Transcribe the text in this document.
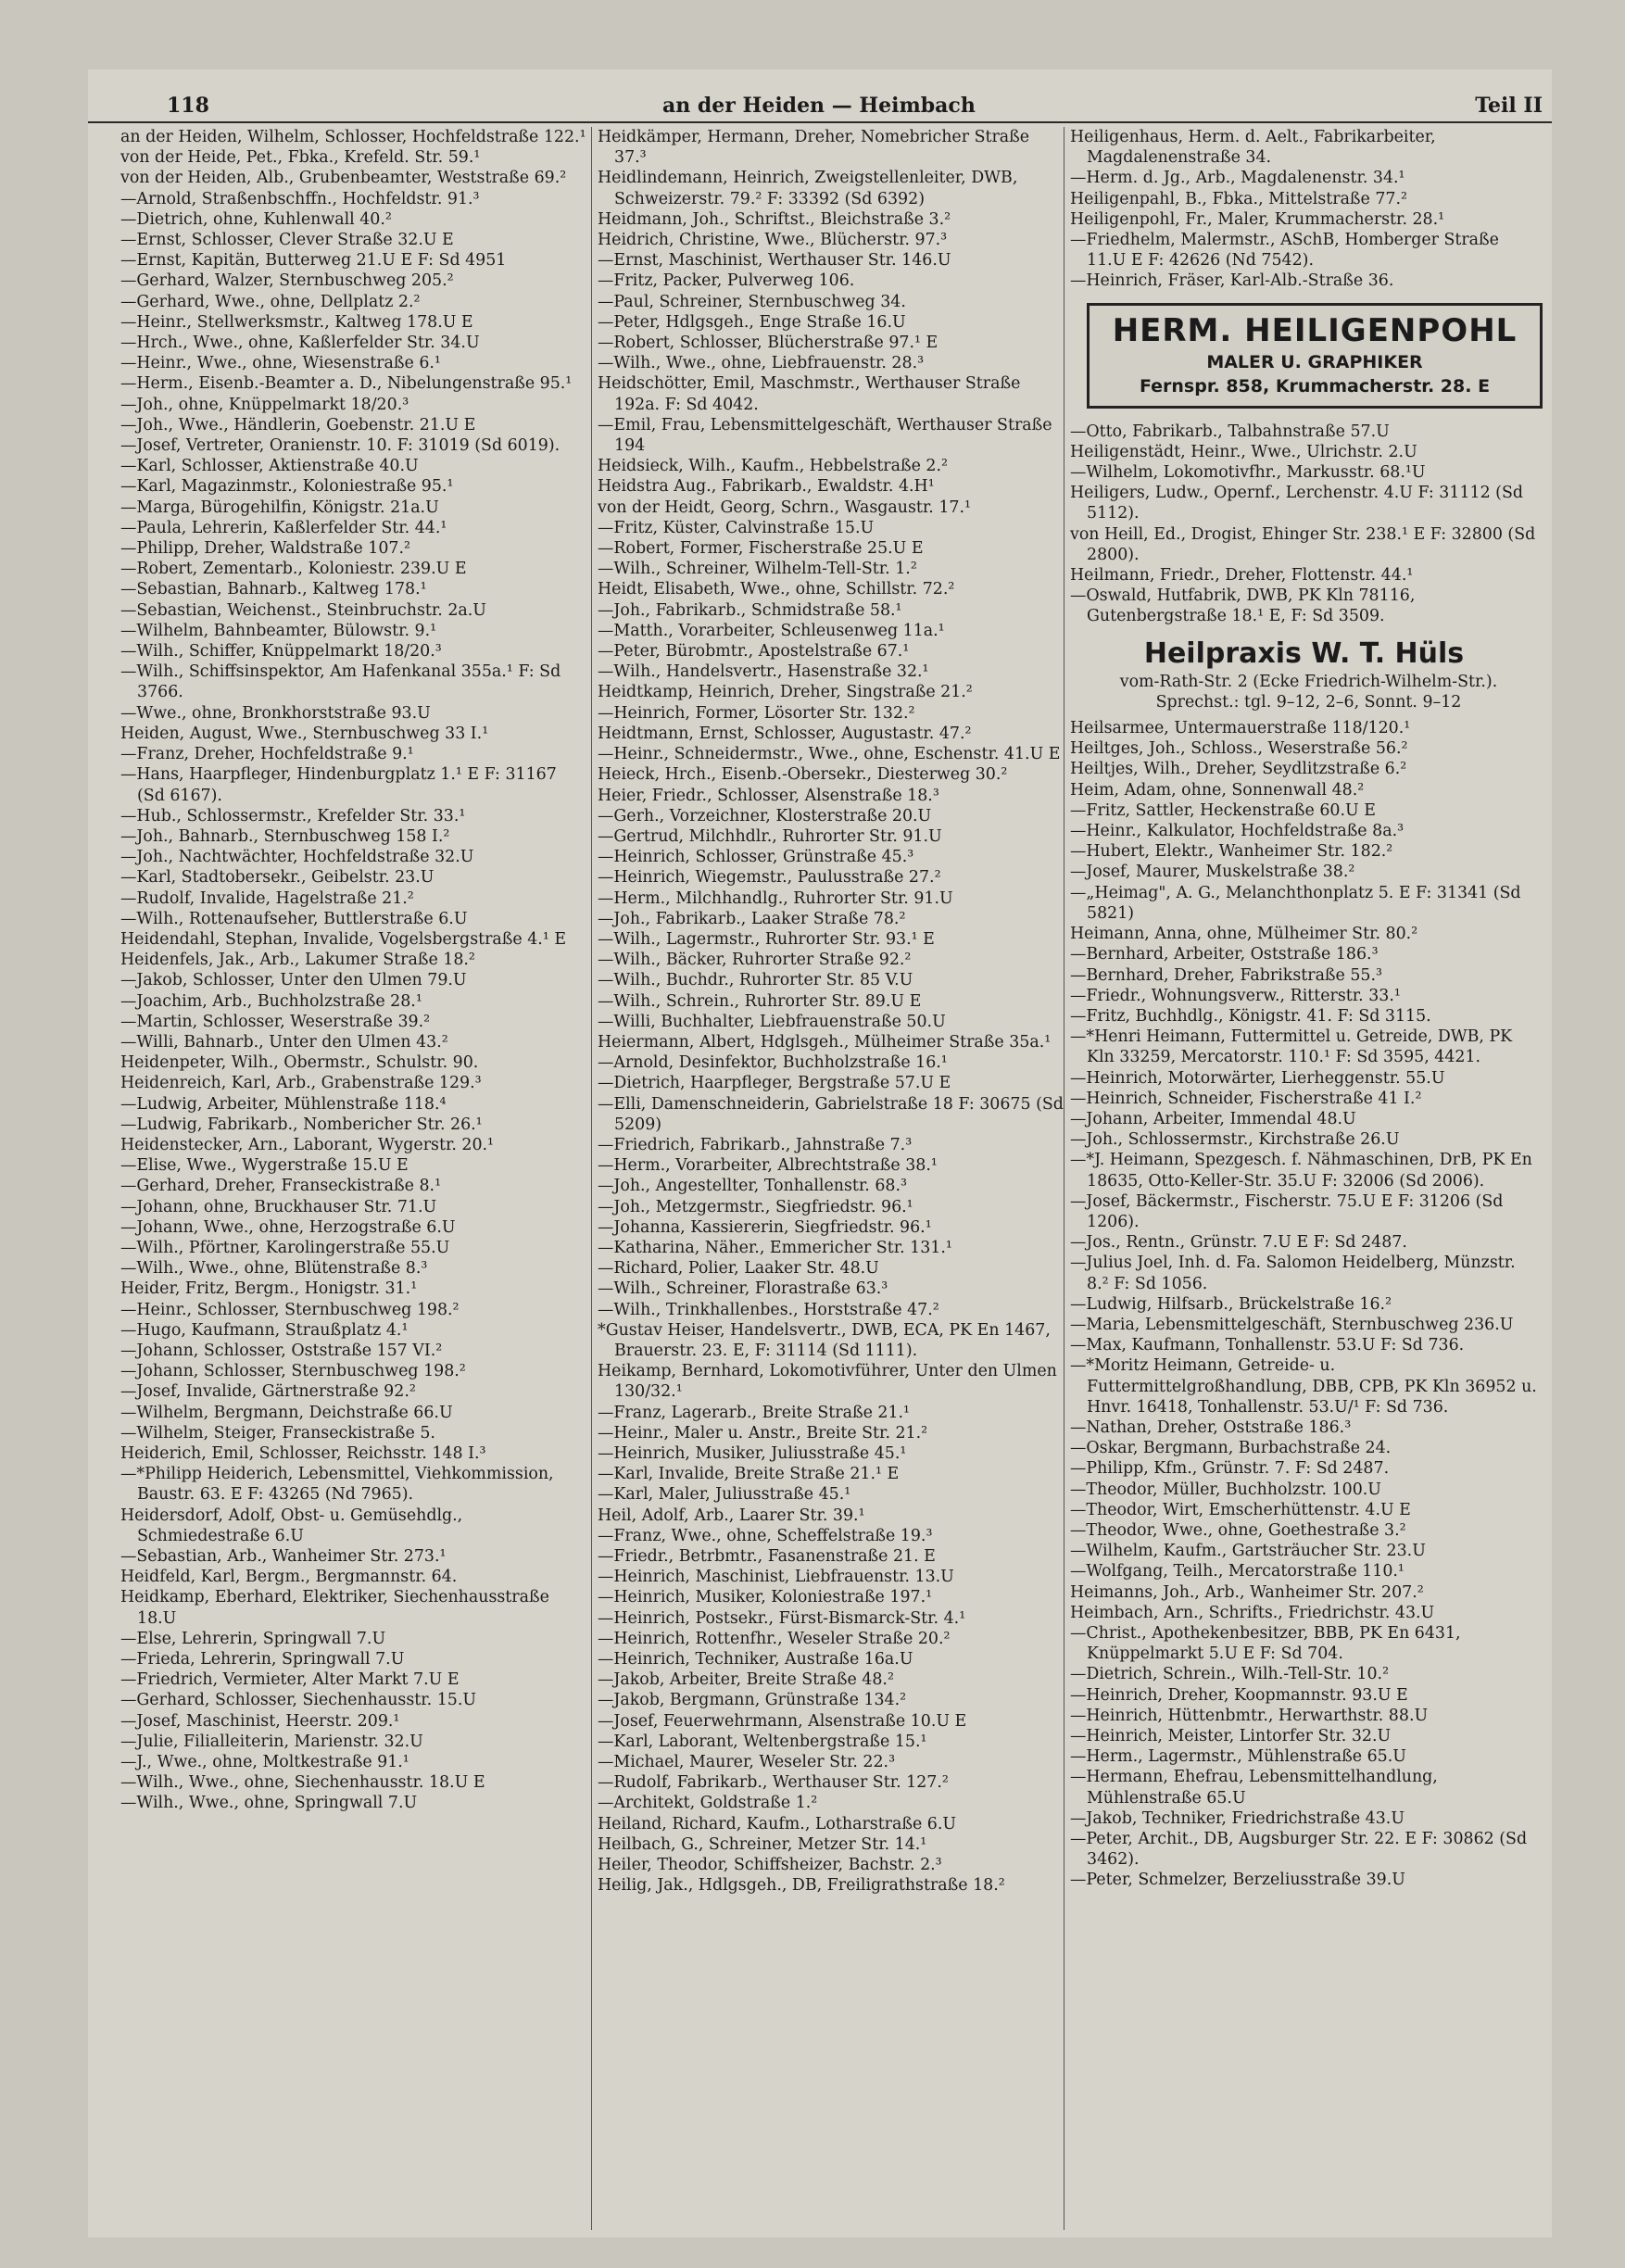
118	an der Heiden — Heimbach	Teil II
an der Heiden, Wilhelm, Schlosser, Hochfeldstraße 122.¹
von der Heide, Pet., Fbka., Krefeld. Str. 59.¹
von der Heiden, Alb., Grubenbeamter, Weststraße 69.²
—Arnold, Straßenbschffn., Hochfeldstr. 91.³
—Dietrich, ohne, Kuhlenwall 40.²
—Ernst, Schlosser, Clever Straße 32.U E
—Ernst, Kapitän, Butterweg 21.U E F: Sd 4951
—Gerhard, Walzer, Sternbuschweg 205.²
—Gerhard, Wwe., ohne, Dellplatz 2.²
—Heinr., Stellwerksmstr., Kaltweg 178.U E
—Hrch., Wwe., ohne, Kaßlerfelder Str. 34.U
—Heinr., Wwe., ohne, Wiesenstraße 6.¹
—Herm., Eisenb.-Beamter a. D., Nibelungenstraße 95.¹
—Joh., ohne, Knüppelmarkt 18/20.³
—Joh., Wwe., Händlerin, Goebenstr. 21.U E
—Josef, Vertreter, Oranienstr. 10. F: 31019 (Sd 6019).
—Karl, Schlosser, Aktienstraße 40.U
—Karl, Magazinmstr., Koloniestraße 95.¹
—Marga, Bürogehilfin, Königstr. 21a.U
—Paula, Lehrerin, Kaßlerfelder Str. 44.¹
—Philipp, Dreher, Waldstraße 107.²
—Robert, Zementarb., Koloniestr. 239.U E
—Sebastian, Bahnarb., Kaltweg 178.¹
—Sebastian, Weichenst., Steinbruchstr. 2a.U
—Wilhelm, Bahnbeamter, Bülowstr. 9.¹
—Wilh., Schiffer, Knüppelmarkt 18/20.³
—Wilh., Schiffsinspektor, Am Hafenkanal 355a.¹ F: Sd 3766.
—Wwe., ohne, Bronkhorststraße 93.U
Heiden, August, Wwe., Sternbuschweg 33 I.¹
—Franz, Dreher, Hochfeldstraße 9.¹
—Hans, Haarpfleger, Hindenburgplatz 1.¹ E F: 31167 (Sd 6167).
—Hub., Schlossermstr., Krefelder Str. 33.¹
—Joh., Bahnarb., Sternbuschweg 158 I.²
—Joh., Nachtwächter, Hochfeldstraße 32.U
—Karl, Stadtobersekr., Geibelstr. 23.U
—Rudolf, Invalide, Hagelstraße 21.²
—Wilh., Rottenaufseher, Buttlerstraße 6.U
Heidendahl, Stephan, Invalide, Vogelsbergstraße 4.¹ E
Heidenfels, Jak., Arb., Lakumer Straße 18.²
—Jakob, Schlosser, Unter den Ulmen 79.U
—Joachim, Arb., Buchholzstraße 28.¹
—Martin, Schlosser, Weserstraße 39.²
—Willi, Bahnarb., Unter den Ulmen 43.²
Heidenpeter, Wilh., Obermstr., Schulstr. 90.
Heidenreich, Karl, Arb., Grabenstraße 129.³
—Ludwig, Arbeiter, Mühlenstraße 118.⁴
—Ludwig, Fabrikarb., Nombericher Str. 26.¹
Heidenstecker, Arn., Laborant, Wygerstr. 20.¹
—Elise, Wwe., Wygerstraße 15.U E
—Gerhard, Dreher, Franseckistraße 8.¹
—Johann, ohne, Bruckhauser Str. 71.U
—Johann, Wwe., ohne, Herzogstraße 6.U
—Wilh., Pförtner, Karolingerstraße 55.U
—Wilh., Wwe., ohne, Blütenstraße 8.³
Heider, Fritz, Bergm., Honigstr. 31.¹
—Heinr., Schlosser, Sternbuschweg 198.²
—Hugo, Kaufmann, Straußplatz 4.¹
—Johann, Schlosser, Oststraße 157 VI.²
—Johann, Schlosser, Sternbuschweg 198.²
—Josef, Invalide, Gärtnerstraße 92.²
—Wilhelm, Bergmann, Deichstraße 66.U
—Wilhelm, Steiger, Franseckistraße 5.
Heiderich, Emil, Schlosser, Reichsstr. 148 I.³
—*Philipp Heiderich, Lebensmittel, Viehkommission, Baustr. 63. E F: 43265 (Nd 7965).
Heidersdorf, Adolf, Obst- u. Gemüsehdlg., Schmiedestraße 6.U
—Sebastian, Arb., Wanheimer Str. 273.¹
Heidfeld, Karl, Bergm., Bergmannstr. 64.
Heidkamp, Eberhard, Elektriker, Siechenhausstraße 18.U
—Else, Lehrerin, Springwall 7.U
—Frieda, Lehrerin, Springwall 7.U
—Friedrich, Vermieter, Alter Markt 7.U E
—Gerhard, Schlosser, Siechenhausstr. 15.U
—Josef, Maschinist, Heerstr. 209.¹
—Julie, Filialleiterin, Marienstr. 32.U
—J., Wwe., ohne, Moltkestraße 91.¹
—Wilh., Wwe., ohne, Siechenhausstr. 18.U E
—Wilh., Wwe., ohne, Springwall 7.U
Heidkämper, Hermann, Dreher, Nomebricher Straße 37.³
Heidlindemann, Heinrich, Zweigstellenleiter, DWB, Schweizerstr. 79.² F: 33392 (Sd 6392)
Heidmann, Joh., Schriftst., Bleichstraße 3.²
Heidrich, Christine, Wwe., Blücherstr. 97.³
—Ernst, Maschinist, Werthauser Str. 146.U
—Fritz, Packer, Pulverweg 106.
—Paul, Schreiner, Sternbuschweg 34.
—Peter, Hdlgsgeh., Enge Straße 16.U
—Robert, Schlosser, Blücherstraße 97.¹ E
—Wilh., Wwe., ohne, Liebfrauenstr. 28.³
Heidschötter, Emil, Maschmstr., Werthauser Straße 192a. F: Sd 4042.
—Emil, Frau, Lebensmittelgeschäft, Werthauser Straße 194
Heidsieck, Wilh., Kaufm., Hebbelstraße 2.²
Heidstra Aug., Fabrikarb., Ewaldstr. 4.H¹
von der Heidt, Georg, Schrn., Wasgaustr. 17.¹
—Fritz, Küster, Calvinstraße 15.U
—Robert, Former, Fischerstraße 25.U E
—Wilh., Schreiner, Wilhelm-Tell-Str. 1.²
Heidt, Elisabeth, Wwe., ohne, Schillstr. 72.²
—Joh., Fabrikarb., Schmidstraße 58.¹
—Matth., Vorarbeiter, Schleusenweg 11a.¹
—Peter, Bürobmtr., Apostelstraße 67.¹
—Wilh., Handelsvertr., Hasenstraße 32.¹
Heidtkamp, Heinrich, Dreher, Singstraße 21.²
—Heinrich, Former, Lösorter Str. 132.²
Heidtmann, Ernst, Schlosser, Augustastr. 47.²
—Heinr., Schneidermstr., Wwe., ohne, Eschenstr. 41.U E
Heieck, Hrch., Eisenb.-Obersekr., Diesterweg 30.²
Heier, Friedr., Schlosser, Alsenstraße 18.³
—Gerh., Vorzeichner, Klosterstraße 20.U
—Gertrud, Milchhdlr., Ruhrorter Str. 91.U
—Heinrich, Schlosser, Grünstraße 45.³
—Heinrich, Wiegemstr., Paulusstraße 27.²
—Herm., Milchhandlg., Ruhrorter Str. 91.U
—Joh., Fabrikarb., Laaker Straße 78.²
—Wilh., Lagermstr., Ruhrorter Str. 93.¹ E
—Wilh., Bäcker, Ruhrorter Straße 92.²
—Wilh., Buchdr., Ruhrorter Str. 85 V.U
—Wilh., Schrein., Ruhrorter Str. 89.U E
—Willi, Buchhalter, Liebfrauenstraße 50.U
Heiermann, Albert, Hdglsgeh., Mülheimer Straße 35a.¹
—Arnold, Desinfektor, Buchholzstraße 16.¹
—Dietrich, Haarpfleger, Bergstraße 57.U E
—Elli, Damenschneiderin, Gabrielstraße 18 F: 30675 (Sd 5209)
—Friedrich, Fabrikarb., Jahnstraße 7.³
—Herm., Vorarbeiter, Albrechtstraße 38.¹
—Joh., Angestellter, Tonhallenstr. 68.³
—Joh., Metzgermstr., Siegfriedstr. 96.¹
—Johanna, Kassiererin, Siegfriedstr. 96.¹
—Katharina, Näher., Emmericher Str. 131.¹
—Richard, Polier, Laaker Str. 48.U
—Wilh., Schreiner, Florastraße 63.³
—Wilh., Trinkhallenbes., Horststraße 47.²
*Gustav Heiser, Handelsvertr., DWB, ECA, PK En 1467, Brauerstr. 23. E, F: 31114 (Sd 1111).
Heikamp, Bernhard, Lokomotivführer, Unter den Ulmen 130/32.¹
—Franz, Lagerarb., Breite Straße 21.¹
—Heinr., Maler u. Anstr., Breite Str. 21.²
—Heinrich, Musiker, Juliusstraße 45.¹
—Karl, Invalide, Breite Straße 21.¹ E
—Karl, Maler, Juliusstraße 45.¹
Heil, Adolf, Arb., Laarer Str. 39.¹
—Franz, Wwe., ohne, Scheffelstraße 19.³
—Friedr., Betrbmtr., Fasanenstraße 21. E
—Heinrich, Maschinist, Liebfrauenstr. 13.U
—Heinrich, Musiker, Koloniestraße 197.¹
—Heinrich, Postsekr., Fürst-Bismarck-Str. 4.¹
—Heinrich, Rottenfhr., Weseler Straße 20.²
—Heinrich, Techniker, Austraße 16a.U
—Jakob, Arbeiter, Breite Straße 48.²
—Jakob, Bergmann, Grünstraße 134.²
—Josef, Feuerwehrmann, Alsenstraße 10.U E
—Karl, Laborant, Weltenbergstraße 15.¹
—Michael, Maurer, Weseler Str. 22.³
—Rudolf, Fabrikarb., Werthauser Str. 127.²
—Architekt, Goldstraße 1.²
Heiland, Richard, Kaufm., Lotharstraße 6.U
Heilbach, G., Schreiner, Metzer Str. 14.¹
Heiler, Theodor, Schiffsheizer, Bachstr. 2.³
Heilig, Jak., Hdlgsgeh., DB, Freiligrathstraße 18.²
Heiligenhaus, Herm. d. Aelt., Fabrikarbeiter, Magdalenenstraße 34.
—Herm. d. Jg., Arb., Magdalenenstr. 34.¹
Heiligenpahl, B., Fbka., Mittelstraße 77.²
Heiligenpohl, Fr., Maler, Krummacherstr. 28.¹
—Friedhelm, Malermstr., ASchB, Homberger Straße 11.U E F: 42626 (Nd 7542).
—Heinrich, Fräser, Karl-Alb.-Straße 36.
HERM. HEILIGENPOHL
MALER U. GRAPHIKER
Fernspr. 858, Krummacherstr. 28. E
—Otto, Fabrikarb., Talbahnstraße 57.U
Heiligenstädt, Heinr., Wwe., Ulrichstr. 2.U
—Wilhelm, Lokomotivfhr., Markusstr. 68.¹U
Heiligers, Ludw., Opernf., Lerchenstr. 4.U F: 31112 (Sd 5112).
von Heill, Ed., Drogist, Ehinger Str. 238.¹ E F: 32800 (Sd 2800).
Heilmann, Friedr., Dreher, Flottenstr. 44.¹
—Oswald, Hutfabrik, DWB, PK Kln 78116, Gutenbergstraße 18.¹ E, F: Sd 3509.
Heilpraxis W. T. Hüls
vom-Rath-Str. 2 (Ecke Friedrich-Wilhelm-Str.). Sprechst.: tgl. 9–12, 2–6, Sonnt. 9–12
Heilsarmee, Untermauerstraße 118/120.¹
Heiltges, Joh., Schloss., Weserstraße 56.²
Heiltjes, Wilh., Dreher, Seydlitzstraße 6.²
Heim, Adam, ohne, Sonnenwall 48.²
—Fritz, Sattler, Heckenstraße 60.U E
—Heinr., Kalkulator, Hochfeldstraße 8a.³
—Hubert, Elektr., Wanheimer Str. 182.²
—Josef, Maurer, Muskelstraße 38.²
—„Heimag", A. G., Melanchthonplatz 5. E F: 31341 (Sd 5821)
Heimann, Anna, ohne, Mülheimer Str. 80.²
—Bernhard, Arbeiter, Oststraße 186.³
—Bernhard, Dreher, Fabrikstraße 55.³
—Friedr., Wohnungsverw., Ritterstr. 33.¹
—Fritz, Buchhdlg., Königstr. 41. F: Sd 3115.
—*Henri Heimann, Futtermittel u. Getreide, DWB, PK Kln 33259, Mercatorstr. 110.¹ F: Sd 3595, 4421.
—Heinrich, Motorwärter, Lierheggenstr. 55.U
—Heinrich, Schneider, Fischerstraße 41 I.²
—Johann, Arbeiter, Immendal 48.U
—Joh., Schlossermstr., Kirchstraße 26.U
—*J. Heimann, Spezgesch. f. Nähmaschinen, DrB, PK En 18635, Otto-Keller-Str. 35.U F: 32006 (Sd 2006).
—Josef, Bäckermstr., Fischerstr. 75.U E F: 31206 (Sd 1206).
—Jos., Rentn., Grünstr. 7.U E F: Sd 2487.
—Julius Joel, Inh. d. Fa. Salomon Heidelberg, Münzstr. 8.² F: Sd 1056.
—Ludwig, Hilfsarb., Brückelstraße 16.²
—Maria, Lebensmittelgeschäft, Sternbuschweg 236.U
—Max, Kaufmann, Tonhallenstr. 53.U F: Sd 736.
—*Moritz Heimann, Getreide- u. Futtermittelgroßhandlung, DBB, CPB, PK Kln 36952 u. Hnvr. 16418, Tonhallenstr. 53.U/¹ F: Sd 736.
—Nathan, Dreher, Oststraße 186.³
—Oskar, Bergmann, Burbachstraße 24.
—Philipp, Kfm., Grünstr. 7. F: Sd 2487.
—Theodor, Müller, Buchholzstr. 100.U
—Theodor, Wirt, Emscherhüttenstr. 4.U E
—Theodor, Wwe., ohne, Goethestraße 3.²
—Wilhelm, Kaufm., Gartsträucher Str. 23.U
—Wolfgang, Teilh., Mercatorstraße 110.¹
Heimanns, Joh., Arb., Wanheimer Str. 207.²
Heimbach, Arn., Schrifts., Friedrichstr. 43.U
—Christ., Apothekenbesitzer, BBB, PK En 6431, Knüppelmarkt 5.U E F: Sd 704.
—Dietrich, Schrein., Wilh.-Tell-Str. 10.²
—Heinrich, Dreher, Koopmannstr. 93.U E
—Heinrich, Hüttenbmtr., Herwarthstr. 88.U
—Heinrich, Meister, Lintorfer Str. 32.U
—Herm., Lagermstr., Mühlenstraße 65.U
—Hermann, Ehefrau, Lebensmittelhandlung, Mühlenstraße 65.U
—Jakob, Techniker, Friedrichstraße 43.U
—Peter, Archit., DB, Augsburger Str. 22. E F: 30862 (Sd 3462).
—Peter, Schmelzer, Berzeliusstraße 39.U
